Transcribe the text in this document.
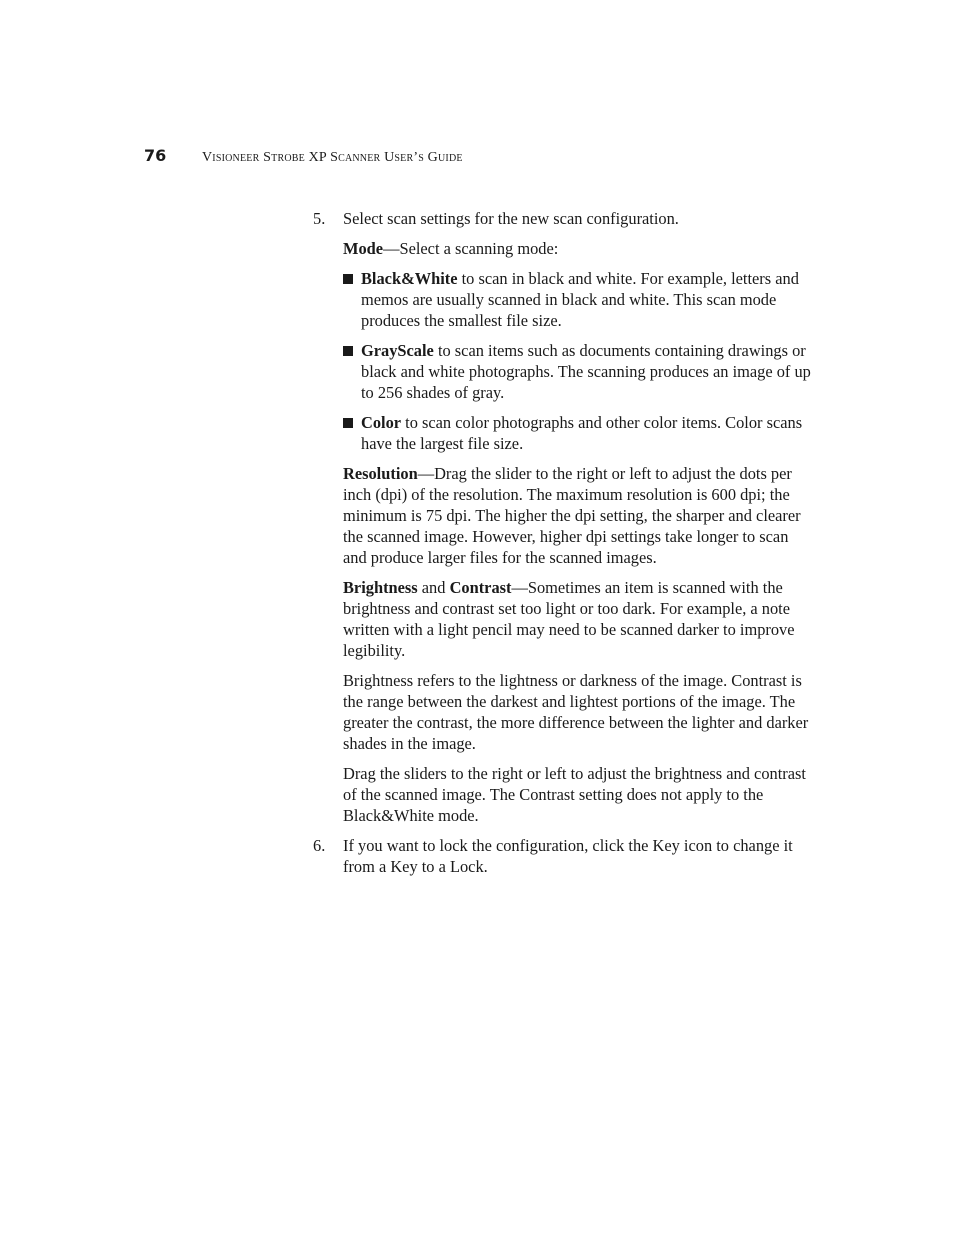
76	Visioneer Strobe XP Scanner User’s Guide
5. Select scan settings for the new scan configuration.

Mode—Select a scanning mode:

Black&White to scan in black and white. For example, letters and memos are usually scanned in black and white. This scan mode produces the smallest file size.
GrayScale to scan items such as documents containing drawings or black and white photographs. The scanning produces an image of up to 256 shades of gray.
Color to scan color photographs and other color items. Color scans have the largest file size.

Resolution—Drag the slider to the right or left to adjust the dots per inch (dpi) of the resolution. The maximum resolution is 600 dpi; the minimum is 75 dpi. The higher the dpi setting, the sharper and clearer the scanned image. However, higher dpi settings take longer to scan and produce larger files for the scanned images.

Brightness and Contrast—Sometimes an item is scanned with the brightness and contrast set too light or too dark. For example, a note written with a light pencil may need to be scanned darker to improve legibility.

Brightness refers to the lightness or darkness of the image. Contrast is the range between the darkest and lightest portions of the image. The greater the contrast, the more difference between the lighter and darker shades in the image.

Drag the sliders to the right or left to adjust the brightness and contrast of the scanned image. The Contrast setting does not apply to the Black&White mode.

6. If you want to lock the configuration, click the Key icon to change it from a Key to a Lock.
